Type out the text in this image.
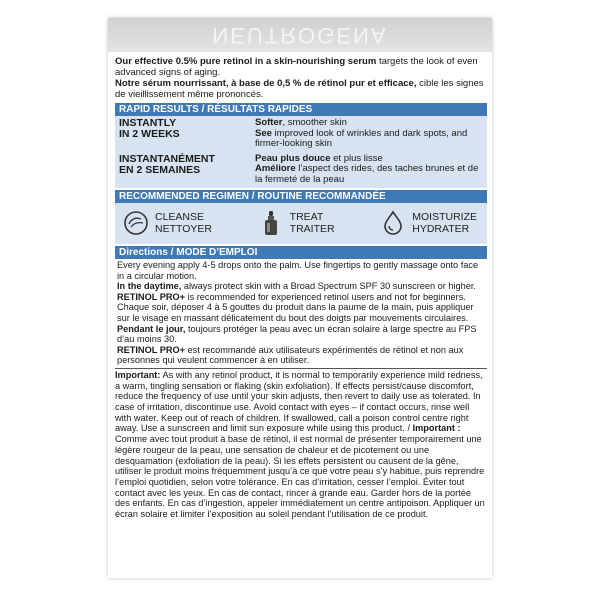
NEUTROGENA

Our effective 0.5% pure retinol in a skin-nourishing serum targets the look of even advanced signs of aging.

Notre sérum nourrissant, à base de 0,5 % de rétinol pur et efficace, cible les signes de vieillissement même prononcés.

RAPID RESULTS / RÉSULTATS RAPIDES
INSTANTLY
IN 2 WEEKS
Softer, smoother skin
See improved look of wrinkles and dark spots, and firmer-looking skin
INSTANTANÉMENT
EN 2 SEMAINES
Peau plus douce et plus lisse
Améliore l’aspect des rides, des taches brunes et de la fermeté de la peau
RECOMMENDED REGIMEN / ROUTINE RECOMMANDÉE
CLEANSE
NETTOYER
TREAT
TRAITER
MOISTURIZE
HYDRATER
Directions / MODE D’EMPLOI

Every evening apply 4-5 drops onto the palm. Use fingertips to gently massage onto face in a circular motion.

In the daytime, always protect skin with a Broad Spectrum SPF 30 sunscreen or higher.

RETINOL PRO+ is recommended for experienced retinol users and not for beginners.

Chaque soir, déposer 4 à 5 gouttes du produit dans la paume de la main, puis appliquer sur le visage en massant délicatement du bout des doigts par mouvements circulaires.

Pendant le jour, toujours protéger la peau avec un écran solaire à large spectre au FPS d’au moins 30.

RETINOL PRO+ est recommandé aux utilisateurs expérimentés de rétinol et non aux personnes qui veulent commencer à en utiliser.

Important: As with any retinol product, it is normal to temporarily experience mild redness, a warm, tingling sensation or flaking (skin exfoliation). If effects persist/cause discomfort, reduce the frequency of use until your skin adjusts, then revert to daily use as tolerated. In case of irritation, discontinue use. Avoid contact with eyes – if contact occurs, rinse well with water. Keep out of reach of children. If swallowed, call a poison control centre right away. Use a sunscreen and limit sun exposure while using this product. / Important : Comme avec tout produit à base de rétinol, il est normal de présenter temporairement une légère rougeur de la peau, une sensation de chaleur et de picotement ou une desquamation (exfoliation de la peau). Si les effets persistent ou causent de la gêne, utiliser le produit moins fréquemment jusqu’à ce que votre peau s’y habitue, puis reprendre l’emploi quotidien, selon votre tolérance. En cas d’irritation, cesser l’emploi. Éviter tout contact avec les yeux. En cas de contact, rincer à grande eau. Garder hors de la portée des enfants. En cas d’ingestion, appeler immédiatement un centre antipoison. Appliquer un écran solaire et limiter l’exposition au soleil pendant l’utilisation de ce produit.
